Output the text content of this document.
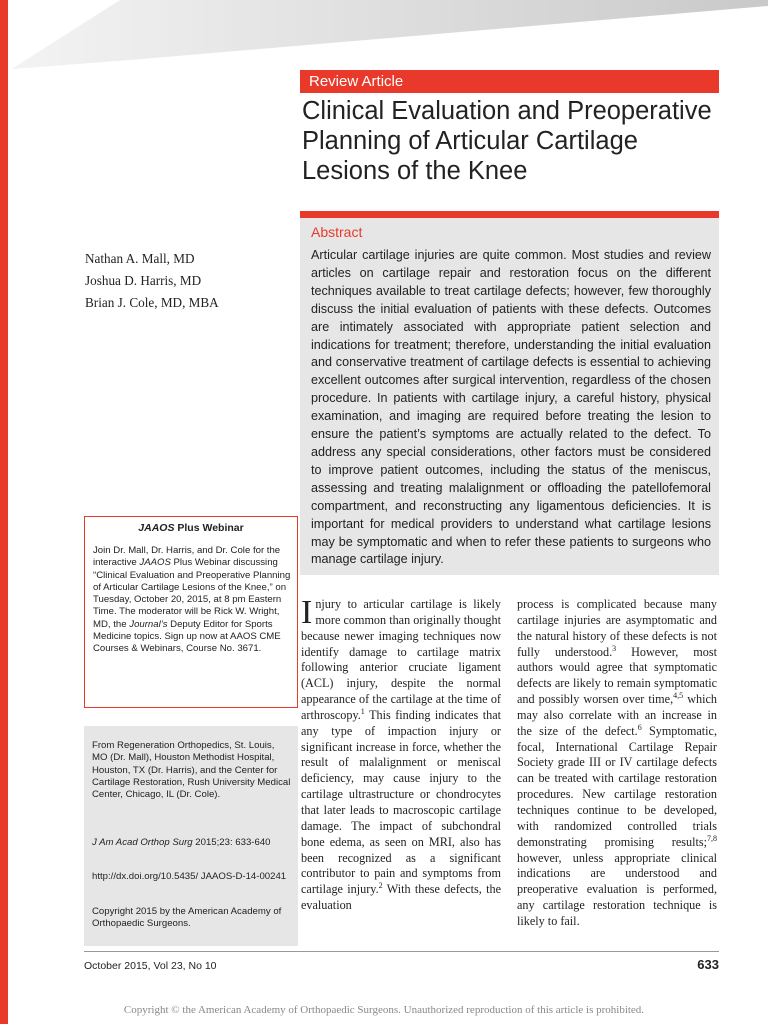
Review Article
Clinical Evaluation and Preoperative Planning of Articular Cartilage Lesions of the Knee
Nathan A. Mall, MD
Joshua D. Harris, MD
Brian J. Cole, MD, MBA
Abstract
Articular cartilage injuries are quite common. Most studies and review articles on cartilage repair and restoration focus on the different techniques available to treat cartilage defects; however, few thoroughly discuss the initial evaluation of patients with these defects. Outcomes are intimately associated with appropriate patient selection and indications for treatment; therefore, understanding the initial evaluation and conservative treatment of cartilage defects is essential to achieving excellent outcomes after surgical intervention, regardless of the chosen procedure. In patients with cartilage injury, a careful history, physical examination, and imaging are required before treating the lesion to ensure the patient’s symptoms are actually related to the defect. To address any special considerations, other factors must be considered to improve patient outcomes, including the status of the meniscus, assessing and treating malalignment or offloading the patellofemoral compartment, and reconstructing any ligamentous deficiencies. It is important for medical providers to understand what cartilage lesions may be symptomatic and when to refer these patients to surgeons who manage cartilage injury.
JAAOS Plus Webinar
Join Dr. Mall, Dr. Harris, and Dr. Cole for the interactive JAAOS Plus Webinar discussing “Clinical Evaluation and Preoperative Planning of Articular Cartilage Lesions of the Knee,” on Tuesday, October 20, 2015, at 8 pm Eastern Time. The moderator will be Rick W. Wright, MD, the Journal’s Deputy Editor for Sports Medicine topics. Sign up now at AAOS CME Courses & Webinars, Course No. 3671.

From Regeneration Orthopedics, St. Louis, MO (Dr. Mall), Houston Methodist Hospital, Houston, TX (Dr. Harris), and the Center for Cartilage Restoration, Rush University Medical Center, Chicago, IL (Dr. Cole).

J Am Acad Orthop Surg 2015;23: 633-640

http://dx.doi.org/10.5435/ JAAOS-D-14-00241

Copyright 2015 by the American Academy of Orthopaedic Surgeons.

Injury to articular cartilage is likely more common than originally thought because newer imaging techniques now identify damage to cartilage matrix following anterior cruciate ligament (ACL) injury, despite the normal appearance of the cartilage at the time of arthroscopy.$^1$ This finding indicates that any type of impaction injury or significant increase in force, whether the result of malalignment or meniscal deficiency, may cause injury to the cartilage ultrastructure or chondrocytes that later leads to macroscopic cartilage damage. The impact of subchondral bone edema, as seen on MRI, also has been recognized as a significant contributor to pain and symptoms from cartilage injury.$^2$ With these defects, the evaluation
process is complicated because many cartilage injuries are asymptomatic and the natural history of these defects is not fully understood.$^3$ However, most authors would agree that symptomatic defects are likely to remain symptomatic and possibly worsen over time,$^{4,5}$ which may also correlate with an increase in the size of the defect.$^6$ Symptomatic, focal, International Cartilage Repair Society grade III or IV cartilage defects can be treated with cartilage restoration procedures. New cartilage restoration techniques continue to be developed, with randomized controlled trials demonstrating promising results;$^{7,8}$ however, unless appropriate clinical indications are understood and preoperative evaluation is performed, any cartilage restoration technique is likely to fail.
October 2015, Vol 23, No 10	633
Copyright © the American Academy of Orthopaedic Surgeons. Unauthorized reproduction of this article is prohibited.
